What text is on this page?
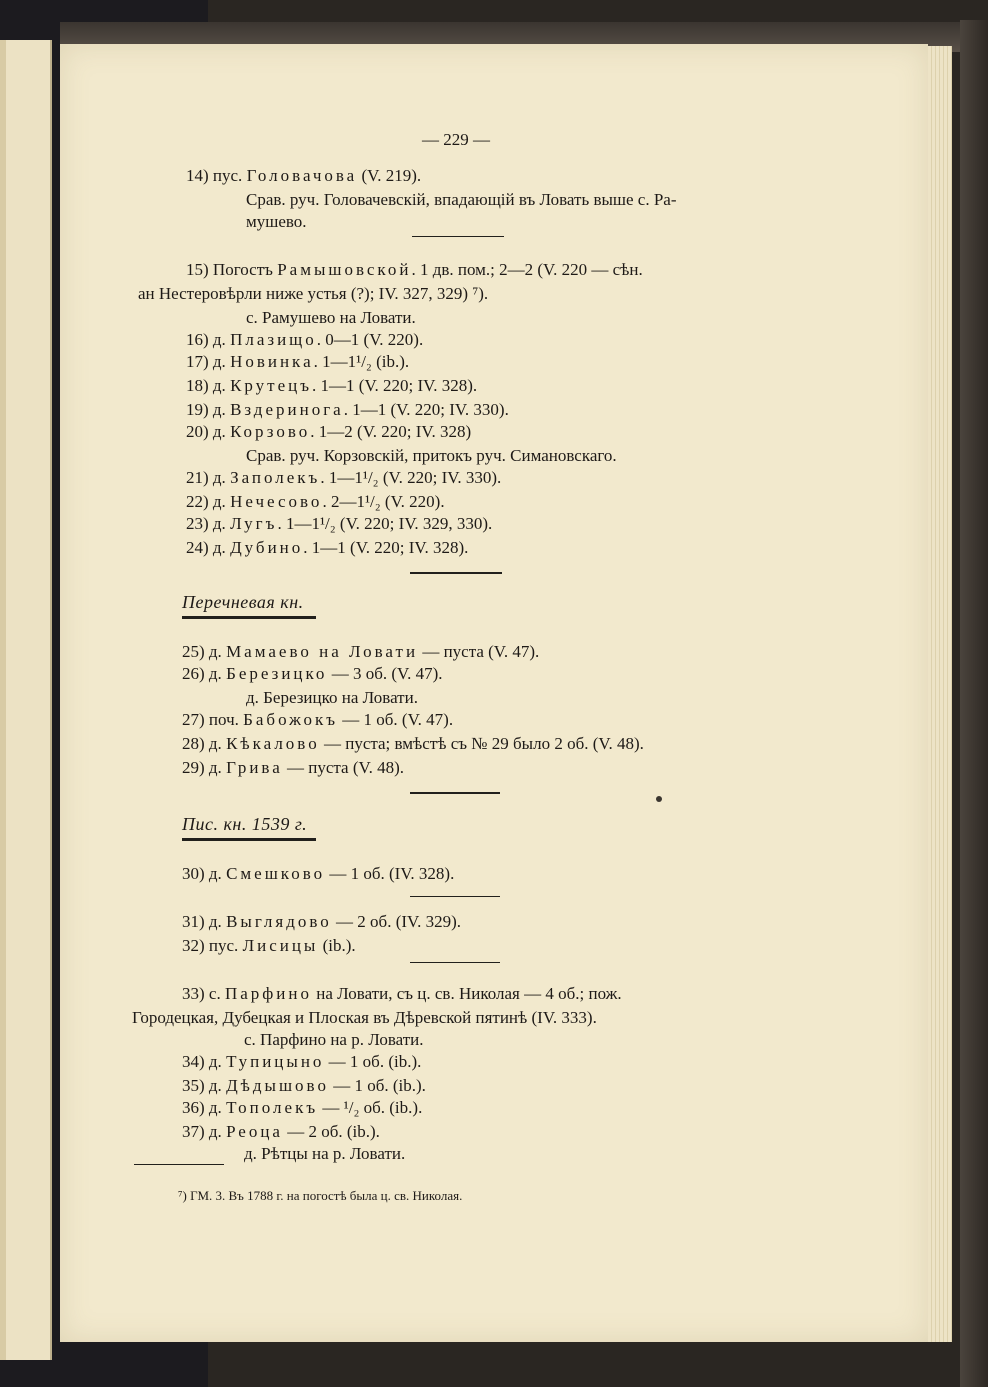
— 229 —
14) пус. Головачова (V. 219).
Срав. руч. Головачевскій, впадающій въ Ловать выше с. Ра-
мушево.
15) Погостъ Рамышовской. 1 дв. пом.; 2—2 (V. 220 — сѣн.
ан Нестеровѣрли ниже устья (?); IV. 327, 329) ⁷).
с. Рамушево на Ловати.
16) д. Плазищо. 0—1 (V. 220).
17) д. Новинка. 1—1¹/₂ (ib.).
18) д. Крутецъ. 1—1 (V. 220; IV. 328).
19) д. Вздеринога. 1—1 (V. 220; IV. 330).
20) д. Корзово. 1—2 (V. 220; IV. 328)
Срав. руч. Корзовскій, притокъ руч. Симановскаго.
21) д. Заполекъ. 1—1¹/₂ (V. 220; IV. 330).
22) д. Нечесово. 2—1¹/₂ (V. 220).
23) д. Лугъ. 1—1¹/₂ (V. 220; IV. 329, 330).
24) д. Дубино. 1—1 (V. 220; IV. 328).
Перечневая кн.
25) д. Мамаево на Ловати — пуста (V. 47).
26) д. Березицко — 3 об. (V. 47).
д. Березицко на Ловати.
27) поч. Бабожокъ — 1 об. (V. 47).
28) д. Кѣкалово — пуста; вмѣстѣ съ № 29 было 2 об. (V. 48).
29) д. Грива — пуста (V. 48).
Пис. кн. 1539 г.
30) д. Смешково — 1 об. (IV. 328).
31) д. Выглядово — 2 об. (IV. 329).
32) пус. Лисицы (ib.).
33) с. Парфино на Ловати, съ ц. св. Николая — 4 об.; пож.
Городецкая, Дубецкая и Плоская въ Дѣревской пятинѣ (IV. 333).
с. Парфино на р. Ловати.
34) д. Тупицыно — 1 об. (ib.).
35) д. Дѣдышово — 1 об. (ib.).
36) д. Тополекъ — ¹/₂ об. (ib.).
37) д. Реоца — 2 об. (ib.).
д. Рѣтцы на р. Ловати.
⁷) ГМ. 3. Въ 1788 г. на погостѣ была ц. св. Николая.
